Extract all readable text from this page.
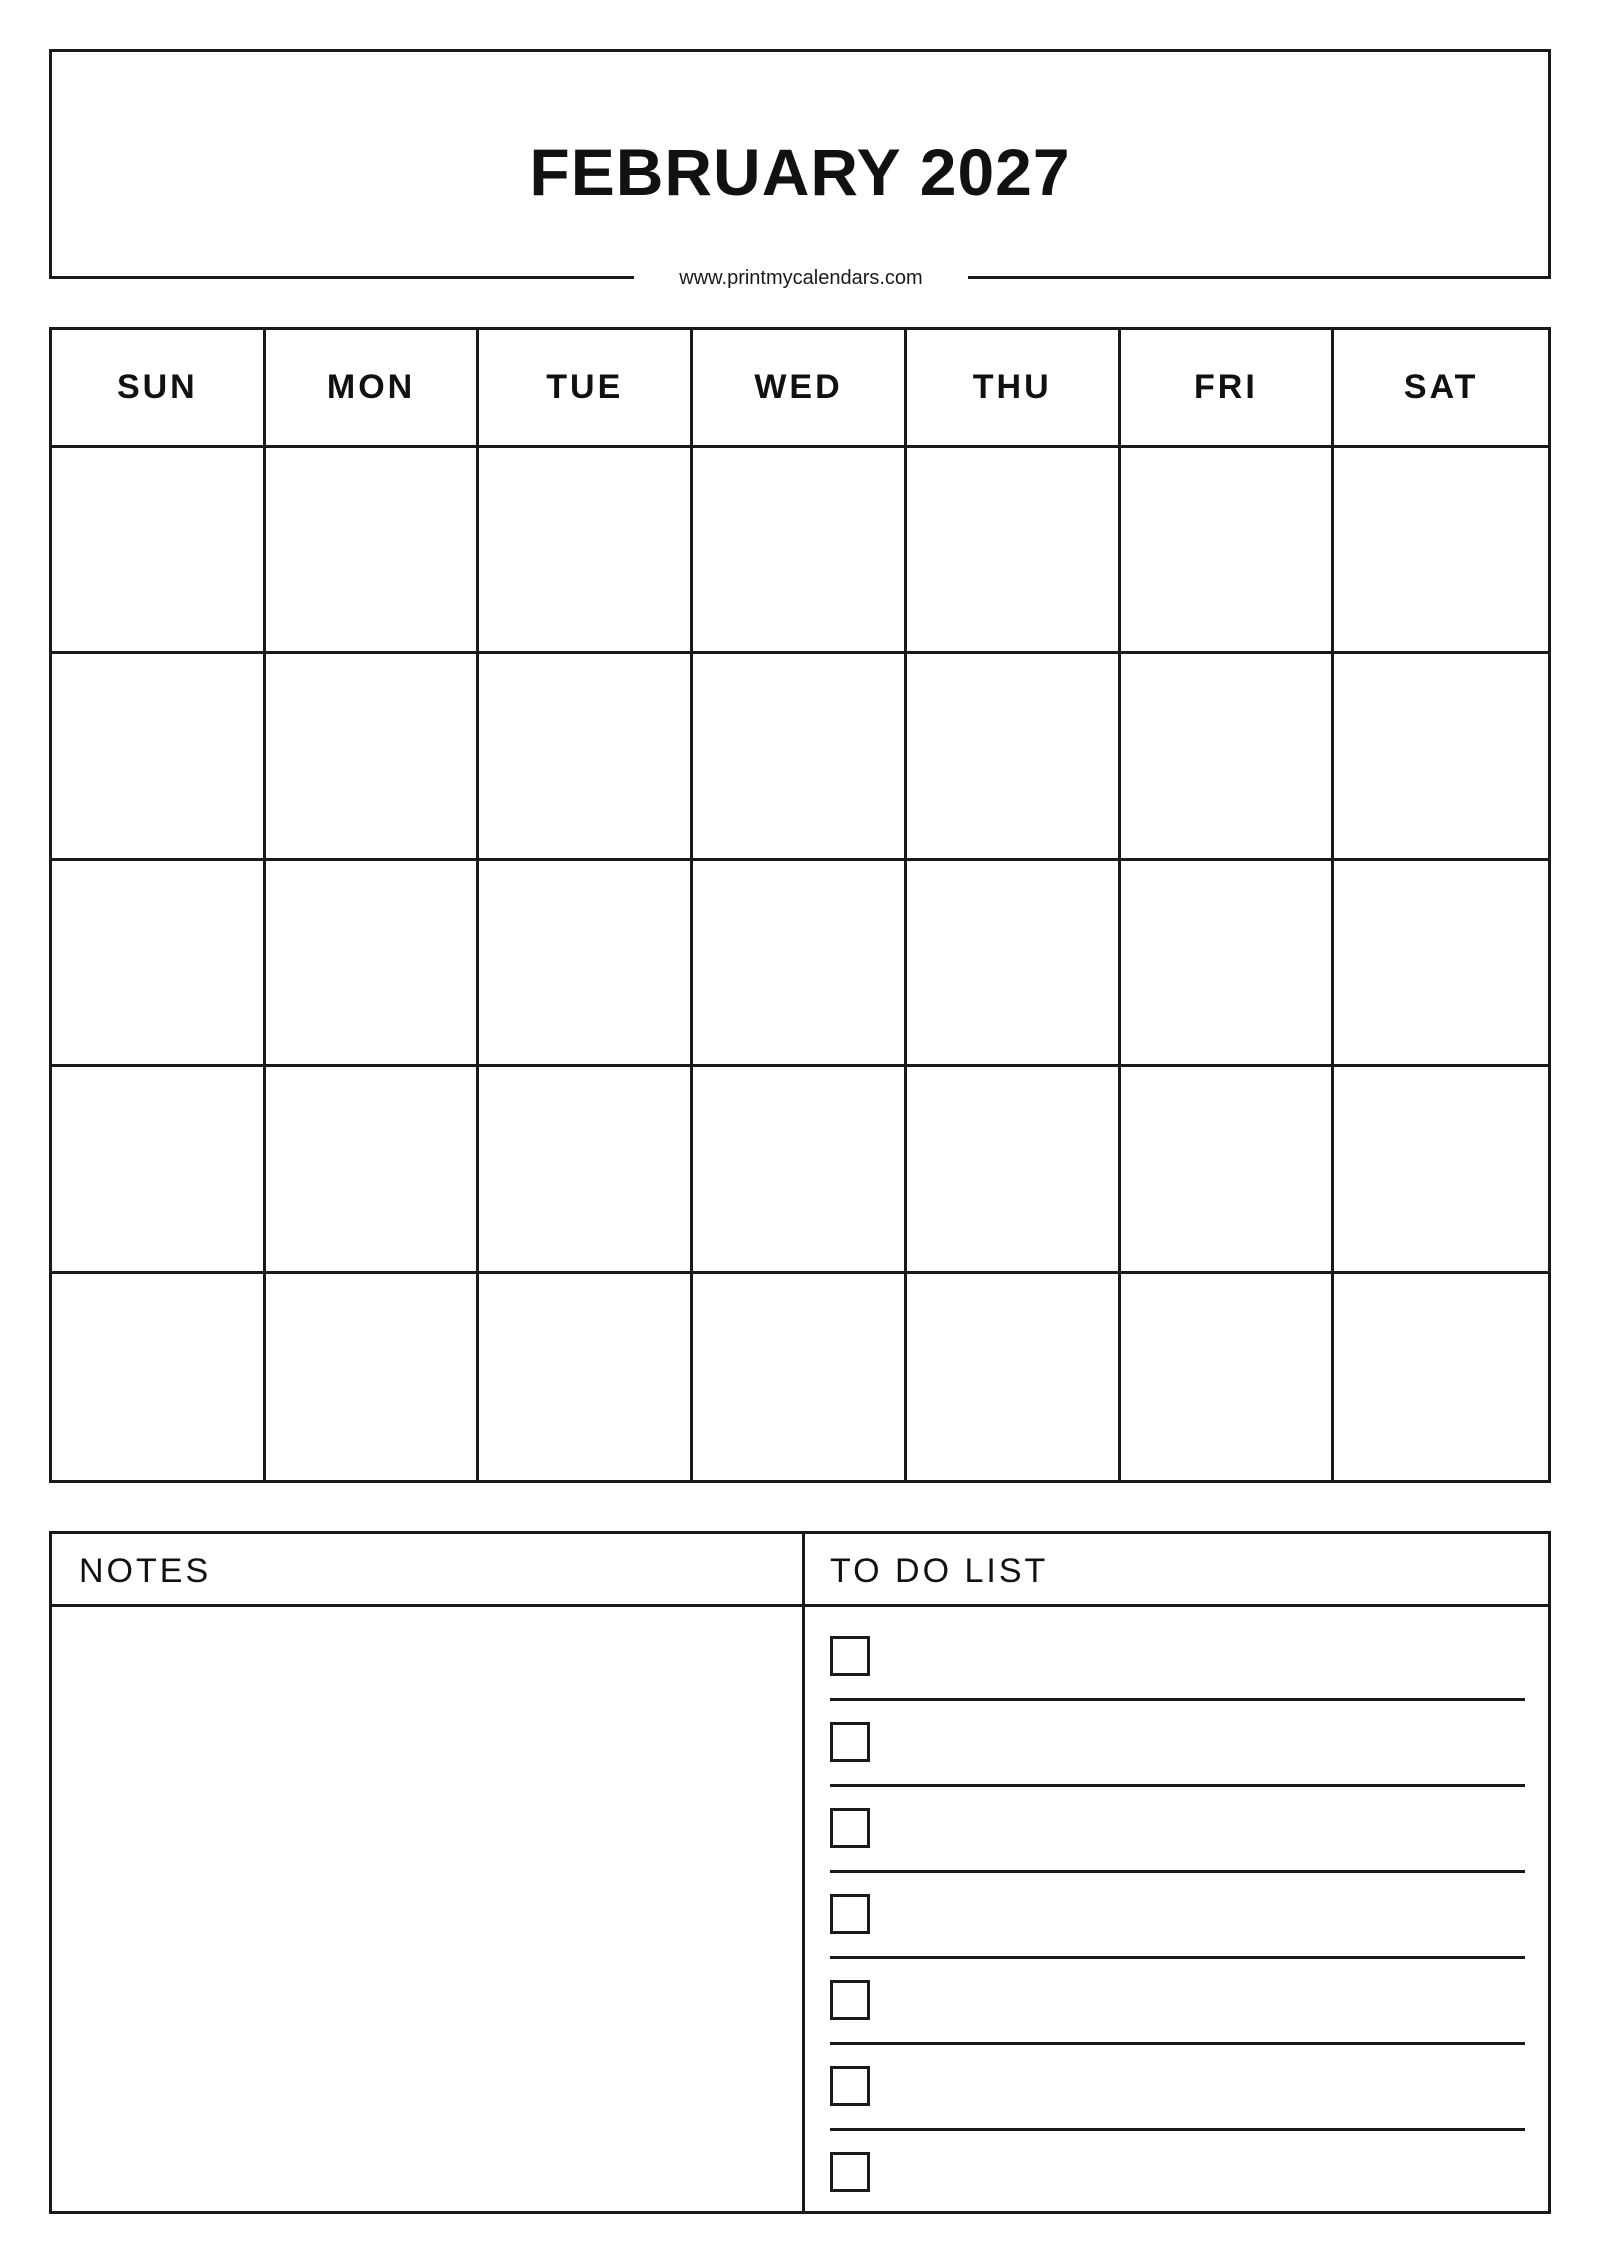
FEBRUARY 2027

www.printmycalendars.com

SUN	MON	TUE	WED	THU	FRI	SAT

NOTES	TO DO LIST
